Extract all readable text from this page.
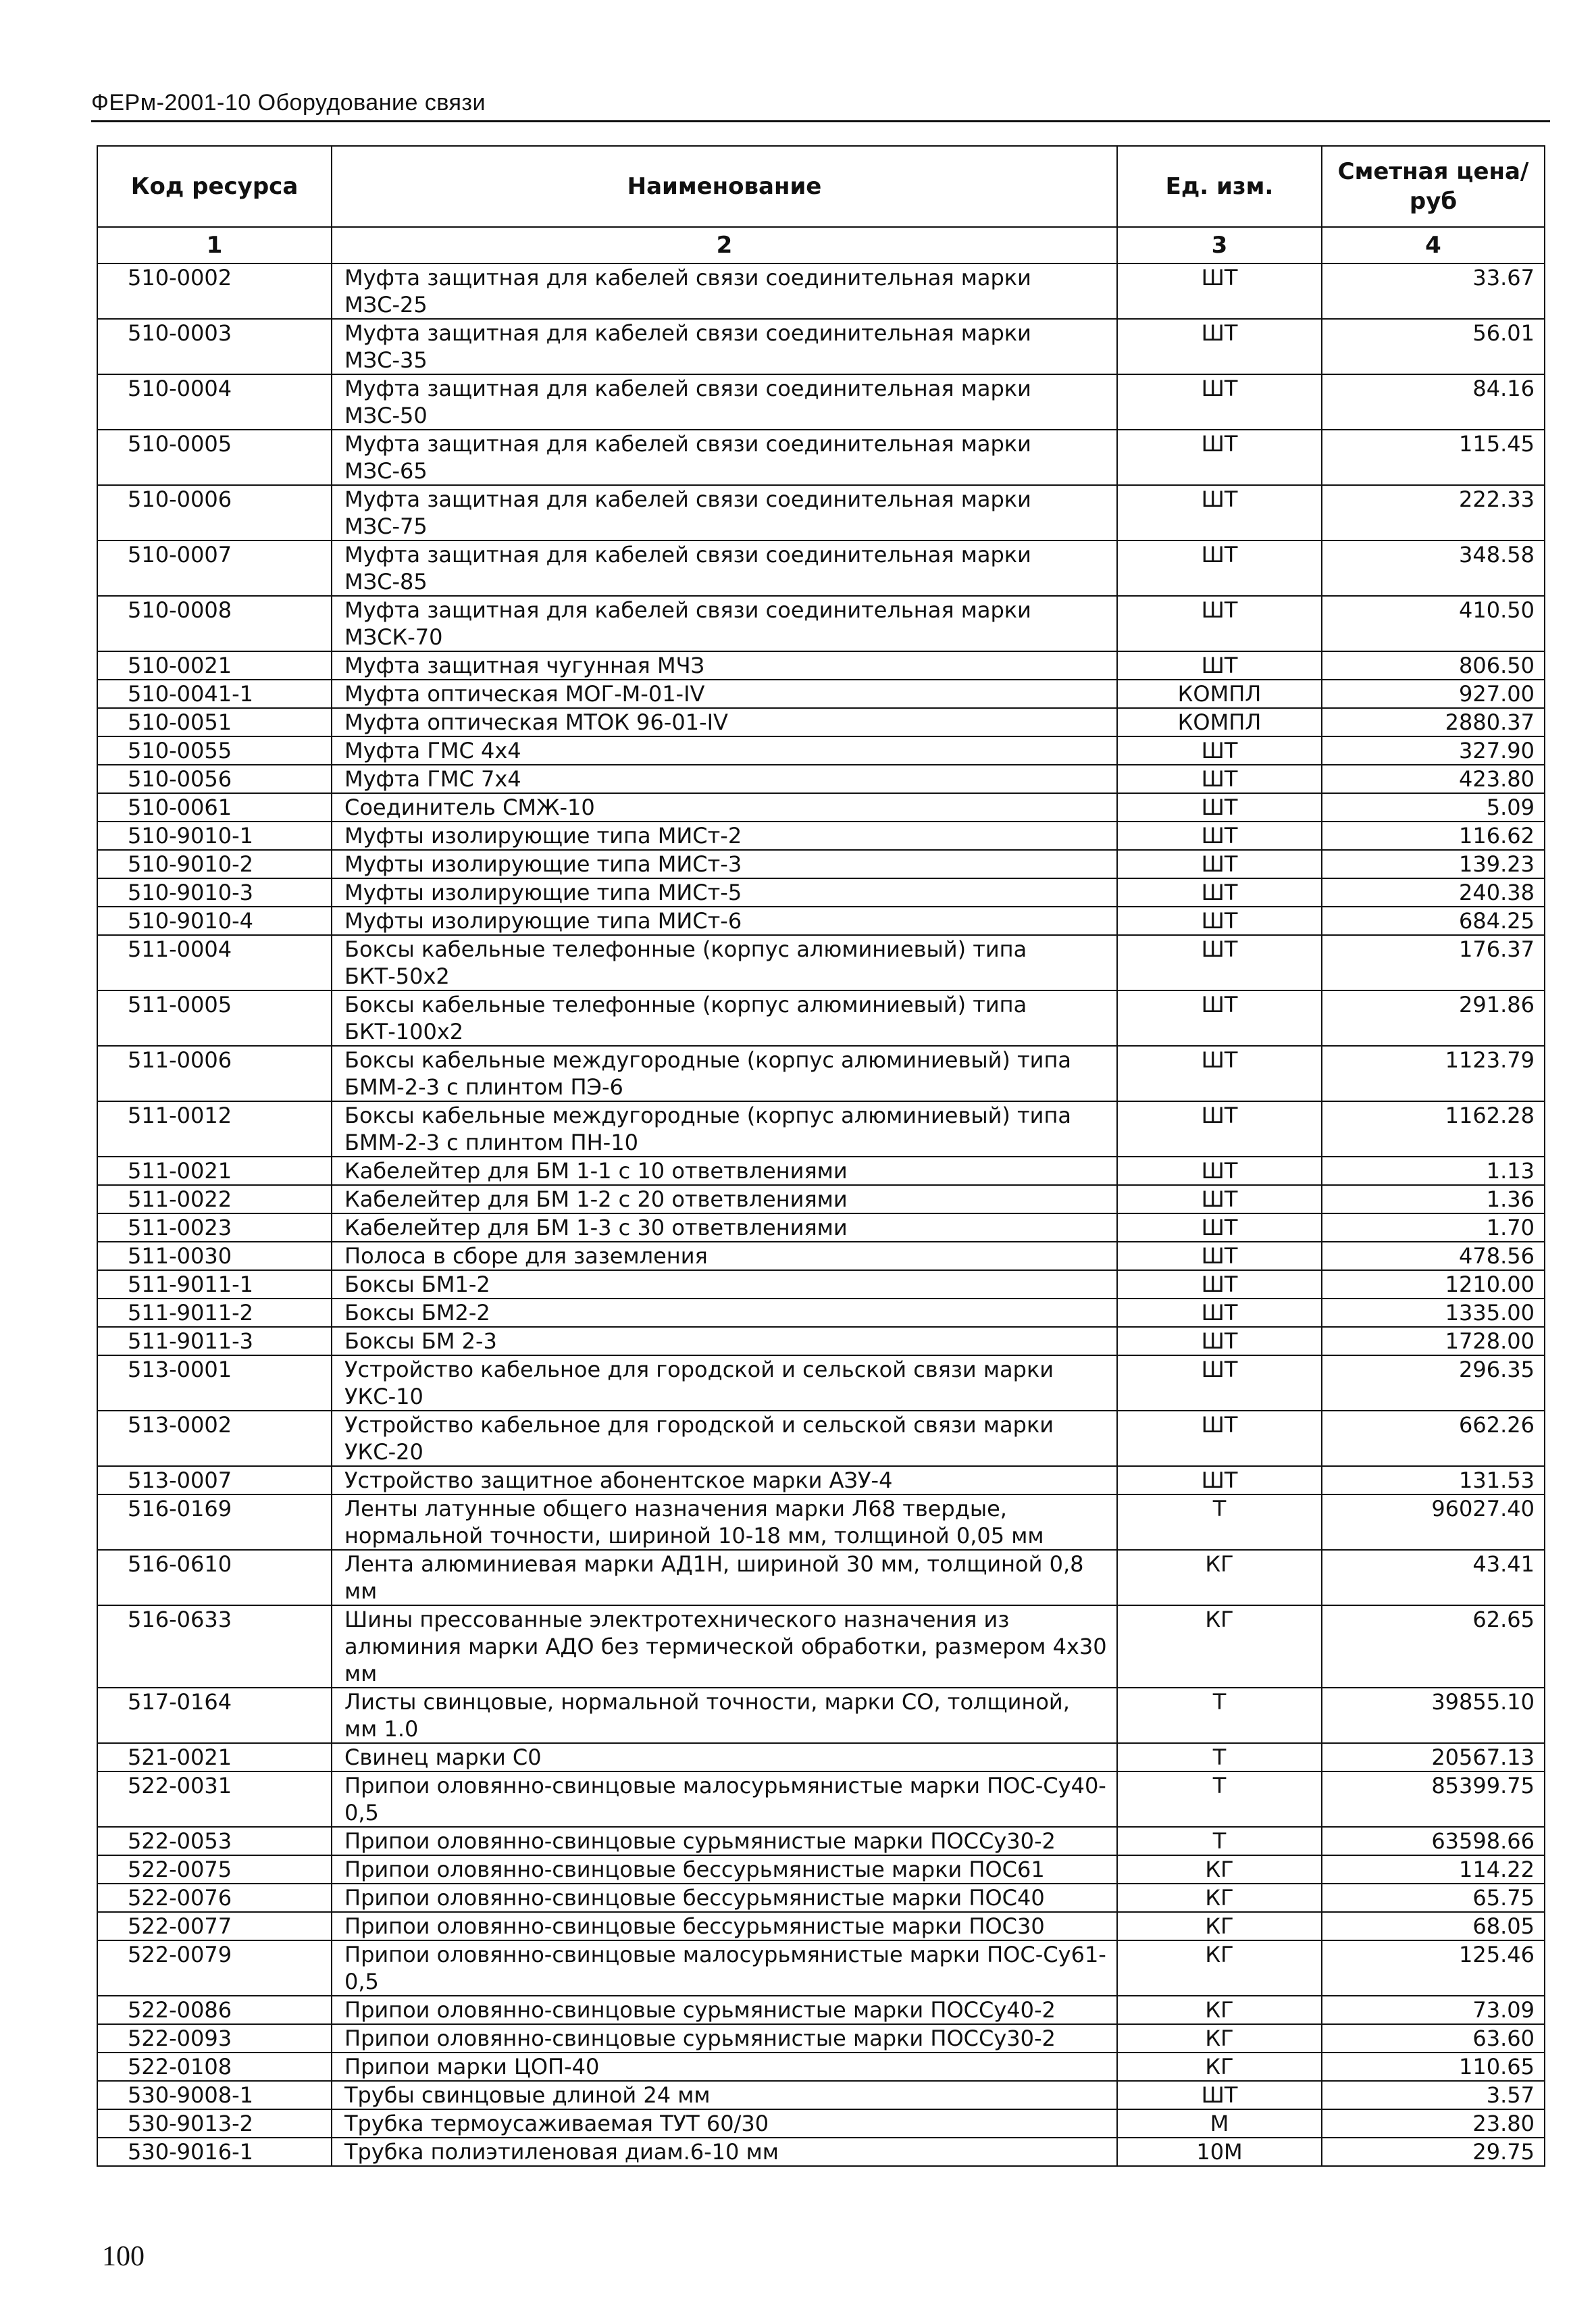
ФЕРм-2001-10 Оборудование связи
Код ресурса	Наименование	Ед. изм.	Сметная цена/руб
1	2	3	4
510-0002	Муфта защитная для кабелей связи соединительная марки МЗС-25	ШТ	33.67
510-0003	Муфта защитная для кабелей связи соединительная марки МЗС-35	ШТ	56.01
510-0004	Муфта защитная для кабелей связи соединительная марки МЗС-50	ШТ	84.16
510-0005	Муфта защитная для кабелей связи соединительная марки МЗС-65	ШТ	115.45
510-0006	Муфта защитная для кабелей связи соединительная марки МЗС-75	ШТ	222.33
510-0007	Муфта защитная для кабелей связи соединительная марки МЗС-85	ШТ	348.58
510-0008	Муфта защитная для кабелей связи соединительная марки МЗСК-70	ШТ	410.50
510-0021	Муфта защитная чугунная МЧЗ	ШТ	806.50
510-0041-1	Муфта оптическая МОГ-М-01-IV	КОМПЛ	927.00
510-0051	Муфта оптическая МТОК 96-01-IV	КОМПЛ	2880.37
510-0055	Муфта ГМС 4x4	ШТ	327.90
510-0056	Муфта ГМС 7x4	ШТ	423.80
510-0061	Соединитель СМЖ-10	ШТ	5.09
510-9010-1	Муфты изолирующие типа МИСт-2	ШТ	116.62
510-9010-2	Муфты изолирующие типа МИСт-3	ШТ	139.23
510-9010-3	Муфты изолирующие типа МИСт-5	ШТ	240.38
510-9010-4	Муфты изолирующие типа МИСт-6	ШТ	684.25
511-0004	Боксы кабельные телефонные (корпус алюминиевый) типа БКТ-50x2	ШТ	176.37
511-0005	Боксы кабельные телефонные (корпус алюминиевый) типа БКТ-100x2	ШТ	291.86
511-0006	Боксы кабельные междугородные (корпус алюминиевый) типа БММ-2-3 с плинтом ПЭ-6	ШТ	1123.79
511-0012	Боксы кабельные междугородные (корпус алюминиевый) типа БММ-2-3 с плинтом ПН-10	ШТ	1162.28
511-0021	Кабелейтер для БМ 1-1 с 10 ответвлениями	ШТ	1.13
511-0022	Кабелейтер для БМ 1-2 с 20 ответвлениями	ШТ	1.36
511-0023	Кабелейтер для БМ 1-3 с 30 ответвлениями	ШТ	1.70
511-0030	Полоса в сборе для заземления	ШТ	478.56
511-9011-1	Боксы БМ1-2	ШТ	1210.00
511-9011-2	Боксы БМ2-2	ШТ	1335.00
511-9011-3	Боксы БМ 2-3	ШТ	1728.00
513-0001	Устройство кабельное для городской и сельской связи марки УКС-10	ШТ	296.35
513-0002	Устройство кабельное для городской и сельской связи марки УКС-20	ШТ	662.26
513-0007	Устройство защитное абонентское марки АЗУ-4	ШТ	131.53
516-0169	Ленты латунные общего назначения марки Л68 твердые, нормальной точности, шириной 10-18 мм, толщиной 0,05 мм	Т	96027.40
516-0610	Лента алюминиевая марки АД1Н, шириной 30 мм, толщиной 0,8 мм	КГ	43.41
516-0633	Шины прессованные электротехнического назначения из алюминия марки АДО без термической обработки, размером 4x30 мм	КГ	62.65
517-0164	Листы свинцовые, нормальной точности, марки СО, толщиной, мм 1.0	Т	39855.10
521-0021	Свинец марки С0	Т	20567.13
522-0031	Припои оловянно-свинцовые малосурьмянистые марки ПОС-Су40-0,5	Т	85399.75
522-0053	Припои оловянно-свинцовые сурьмянистые марки ПОССу30-2	Т	63598.66
522-0075	Припои оловянно-свинцовые бессурьмянистые марки ПОС61	КГ	114.22
522-0076	Припои оловянно-свинцовые бессурьмянистые марки ПОС40	КГ	65.75
522-0077	Припои оловянно-свинцовые бессурьмянистые марки ПОС30	КГ	68.05
522-0079	Припои оловянно-свинцовые малосурьмянистые марки ПОС-Су61-0,5	КГ	125.46
522-0086	Припои оловянно-свинцовые сурьмянистые марки ПОССу40-2	КГ	73.09
522-0093	Припои оловянно-свинцовые сурьмянистые марки ПОССу30-2	КГ	63.60
522-0108	Припои марки ЦОП-40	КГ	110.65
530-9008-1	Трубы свинцовые длиной 24 мм	ШТ	3.57
530-9013-2	Трубка термоусаживаемая ТУТ 60/30	М	23.80
530-9016-1	Трубка полиэтиленовая диам.6-10 мм	10М	29.75
100
